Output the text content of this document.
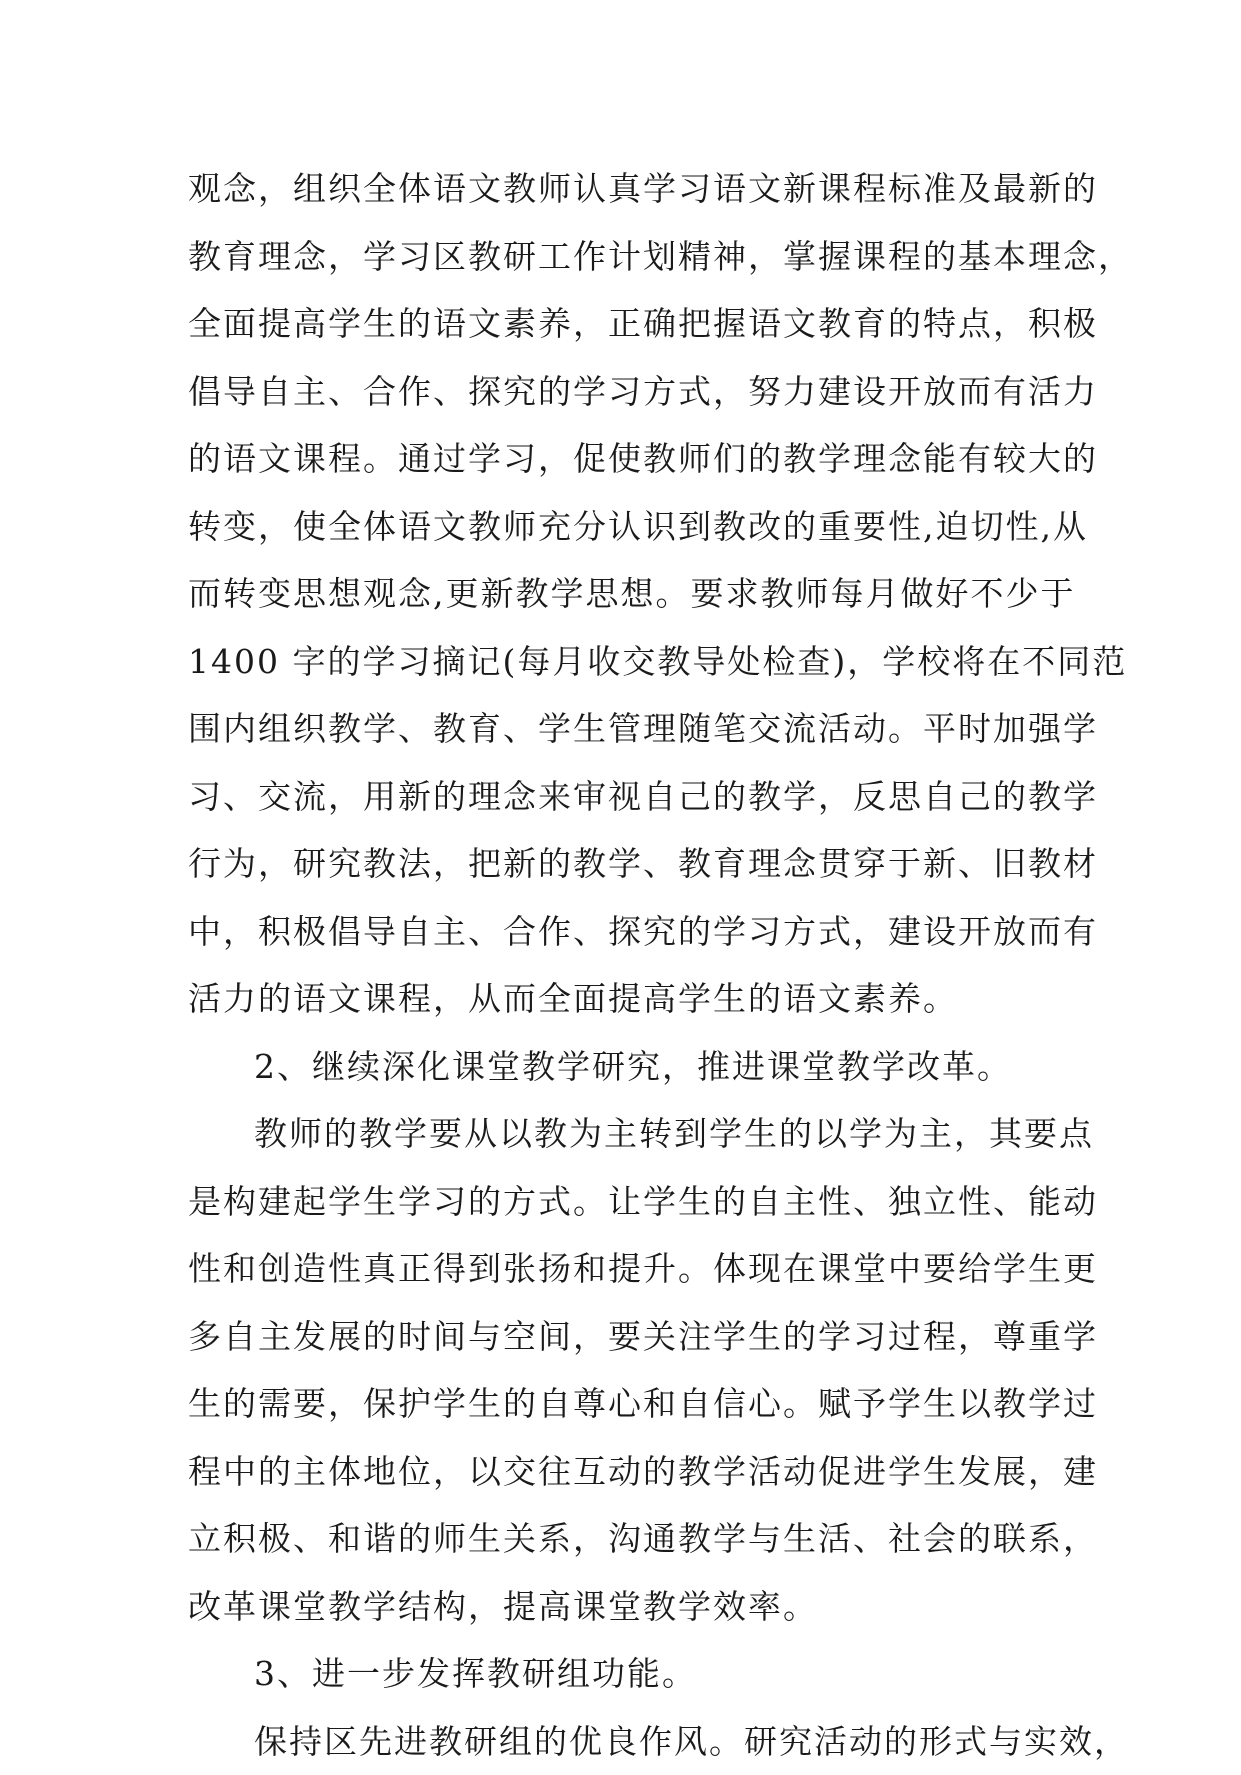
观念，组织全体语文教师认真学习语文新课程标准及最新的
教育理念，学习区教研工作计划精神，掌握课程的基本理念，
全面提高学生的语文素养，正确把握语文教育的特点，积极
倡导自主、合作、探究的学习方式，努力建设开放而有活力
的语文课程。通过学习，促使教师们的教学理念能有较大的
转变，使全体语文教师充分认识到教改的重要性,迫切性,从
而转变思想观念,更新教学思想。要求教师每月做好不少于
1400 字的学习摘记(每月收交教导处检查)，学校将在不同范
围内组织教学、教育、学生管理随笔交流活动。平时加强学
习、交流，用新的理念来审视自己的教学，反思自己的教学
行为，研究教法，把新的教学、教育理念贯穿于新、旧教材
中，积极倡导自主、合作、探究的学习方式，建设开放而有
活力的语文课程，从而全面提高学生的语文素养。
2、继续深化课堂教学研究，推进课堂教学改革。
教师的教学要从以教为主转到学生的以学为主，其要点
是构建起学生学习的方式。让学生的自主性、独立性、能动
性和创造性真正得到张扬和提升。体现在课堂中要给学生更
多自主发展的时间与空间，要关注学生的学习过程，尊重学
生的需要，保护学生的自尊心和自信心。赋予学生以教学过
程中的主体地位，以交往互动的教学活动促进学生发展，建
立积极、和谐的师生关系，沟通教学与生活、社会的联系，
改革课堂教学结构，提高课堂教学效率。
3、进一步发挥教研组功能。
保持区先进教研组的优良作风。研究活动的形式与实效，
